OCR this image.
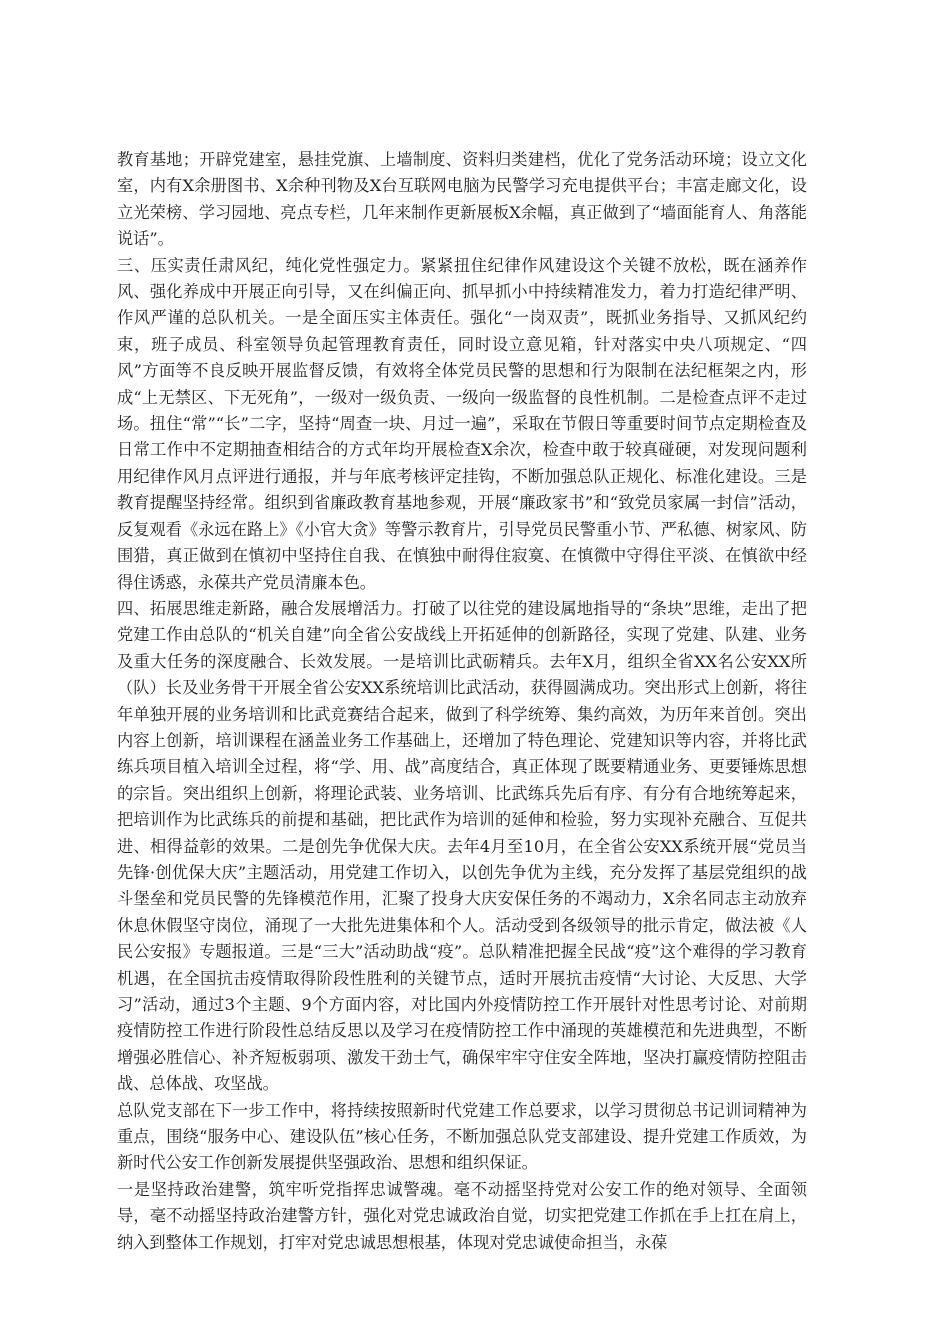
教育基地；开辟党建室，悬挂党旗、上墙制度、资料归类建档，优化了党务活动环境；设立文化室，内有X余册图书、X余种刊物及X台互联网电脑为民警学习充电提供平台；丰富走廊文化，设立光荣榜、学习园地、亮点专栏，几年来制作更新展板X余幅，真正做到了“墙面能育人、角落能说话”。

三、压实责任肃风纪，纯化党性强定力。紧紧扭住纪律作风建设这个关键不放松，既在涵养作风、强化养成中开展正向引导，又在纠偏正向、抓早抓小中持续精准发力，着力打造纪律严明、作风严谨的总队机关。一是全面压实主体责任。强化“一岗双责”，既抓业务指导、又抓风纪约束，班子成员、科室领导负起管理教育责任，同时设立意见箱，针对落实中央八项规定、“四风”方面等不良反映开展监督反馈，有效将全体党员民警的思想和行为限制在法纪框架之内，形成“上无禁区、下无死角”，一级对一级负责、一级向一级监督的良性机制。二是检查点评不走过场。扭住“常”“长”二字，坚持“周查一块、月过一遍”，采取在节假日等重要时间节点定期检查及日常工作中不定期抽查相结合的方式年均开展检查X余次，检查中敢于较真碰硬，对发现问题利用纪律作风月点评进行通报，并与年底考核评定挂钩，不断加强总队正规化、标准化建设。三是教育提醒坚持经常。组织到省廉政教育基地参观，开展“廉政家书”和“致党员家属一封信”活动，反复观看《永远在路上》《小官大贪》等警示教育片，引导党员民警重小节、严私德、树家风、防围猎，真正做到在慎初中坚持住自我、在慎独中耐得住寂寞、在慎微中守得住平淡、在慎欲中经得住诱惑，永葆共产党员清廉本色。

四、拓展思维走新路，融合发展增活力。打破了以往党的建设属地指导的“条块”思维，走出了把党建工作由总队的“机关自建”向全省公安战线上开拓延伸的创新路径，实现了党建、队建、业务及重大任务的深度融合、长效发展。一是培训比武砺精兵。去年X月，组织全省XX名公安XX所（队）长及业务骨干开展全省公安XX系统培训比武活动，获得圆满成功。突出形式上创新，将往年单独开展的业务培训和比武竞赛结合起来，做到了科学统筹、集约高效，为历年来首创。突出内容上创新，培训课程在涵盖业务工作基础上，还增加了特色理论、党建知识等内容，并将比武练兵项目植入培训全过程，将“学、用、战”高度结合，真正体现了既要精通业务、更要锤炼思想的宗旨。突出组织上创新，将理论武装、业务培训、比武练兵先后有序、有分有合地统筹起来，把培训作为比武练兵的前提和基础，把比武作为培训的延伸和检验，努力实现补充融合、互促共进、相得益彰的效果。二是创先争优保大庆。去年4月至10月，在全省公安XX系统开展“党员当先锋·创优保大庆”主题活动，用党建工作切入，以创先争优为主线，充分发挥了基层党组织的战斗堡垒和党员民警的先锋模范作用，汇聚了投身大庆安保任务的不竭动力，X余名同志主动放弃休息休假坚守岗位，涌现了一大批先进集体和个人。活动受到各级领导的批示肯定，做法被《人民公安报》专题报道。三是“三大”活动助战“疫”。总队精准把握全民战“疫”这个难得的学习教育机遇，在全国抗击疫情取得阶段性胜利的关键节点，适时开展抗击疫情“大讨论、大反思、大学习”活动，通过3个主题、9个方面内容，对比国内外疫情防控工作开展针对性思考讨论、对前期疫情防控工作进行阶段性总结反思以及学习在疫情防控工作中涌现的英雄模范和先进典型，不断增强必胜信心、补齐短板弱项、激发干劲士气，确保牢牢守住安全阵地，坚决打赢疫情防控阻击战、总体战、攻坚战。

总队党支部在下一步工作中，将持续按照新时代党建工作总要求，以学习贯彻总书记训词精神为重点，围绕“服务中心、建设队伍”核心任务，不断加强总队党支部建设、提升党建工作质效，为新时代公安工作创新发展提供坚强政治、思想和组织保证。

一是坚持政治建警，筑牢听党指挥忠诚警魂。毫不动摇坚持党对公安工作的绝对领导、全面领导，毫不动摇坚持政治建警方针，强化对党忠诚政治自觉，切实把党建工作抓在手上扛在肩上，纳入到整体工作规划，打牢对党忠诚思想根基，体现对党忠诚使命担当，永葆
